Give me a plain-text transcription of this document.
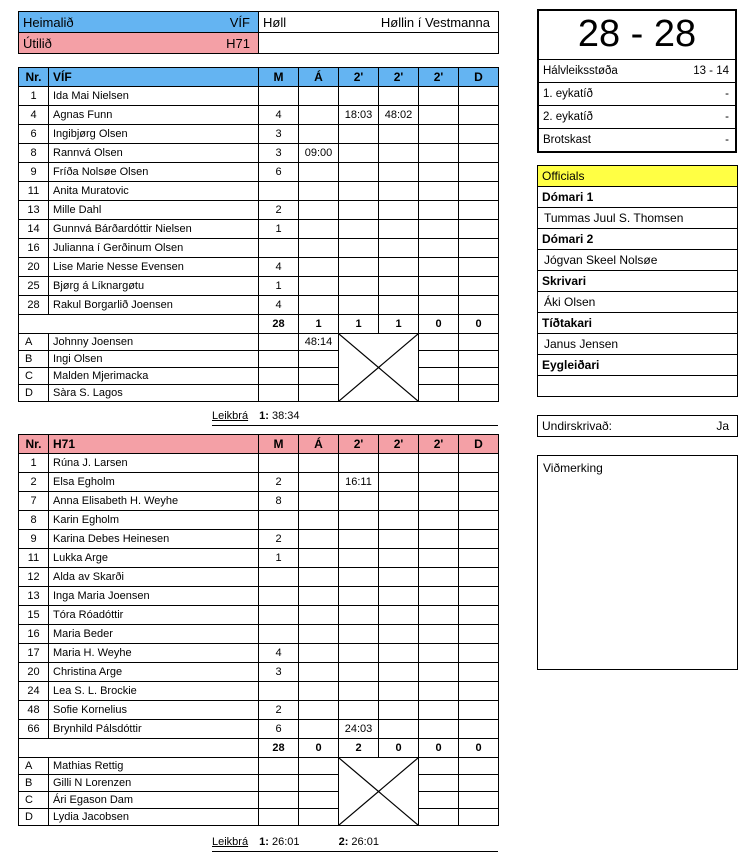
Heimalið VÍF	Høll Høllin í Vestmanna

Útilið H71	

Nr.	VÍF	M	Á	2'	2'	2'	D
1	Ida Mai Nielsen						
4	Agnas Funn	4		18:03	48:02		
6	Ingibjørg Olsen	3					
8	Rannvá Olsen	3	09:00				
9	Fríða Nolsøe Olsen	6					
11	Anita Muratovic						
13	Mille Dahl	2					
14	Gunnvá Bárðardóttir Nielsen	1					
16	Julianna í Gerðinum Olsen						
20	Lise Marie Nesse Evensen	4					
25	Bjørg á Líknargøtu	1					
28	Rakul Borgarlið Joensen	4					
		28	1	1	1	0	0
A	Johnny Joensen		48:14	

B	Ingi Olsen						
C	Malden Mjerimacka						
D	Sàra S. Lagos						
Leikbrá 1: 38:34
Nr.	H71	M	Á	2'	2'	2'	D
1	Rúna J. Larsen						
2	Elsa Egholm	2		16:11			
7	Anna Elisabeth H. Weyhe	8					
8	Karin Egholm						
9	Karina Debes Heinesen	2					
11	Lukka Arge	1					
12	Alda av Skarði						
13	Inga Maria Joensen						
15	Tóra Róadóttir						
16	Maria Beder						
17	Maria H. Weyhe	4					
20	Christina Arge	3					
24	Lea S. L. Brockie						
48	Sofie Kornelius	2					
66	Brynhild Pálsdóttir	6		24:03			
		28	0	2	0	0	0
A	Mathias Rettig			

B	Gilli N Lorenzen						
C	Ári Egason Dam						
D	Lydia Jacobsen						
Leikbrá 1: 26:01	2: 26:01
28 - 28
Hálvleiksstøða	13 - 14

1. eykatíð	-

2. eykatíð	-

Brotskast	-
Officials
Dómari 1
Tummas Juul S. Thomsen
Dómari 2
Jógvan Skeel Nolsøe
Skrivari
Áki Olsen
Tíðtakari
Janus Jensen
Eygleiðari

Undirskrivað:	Ja
Viðmerking
